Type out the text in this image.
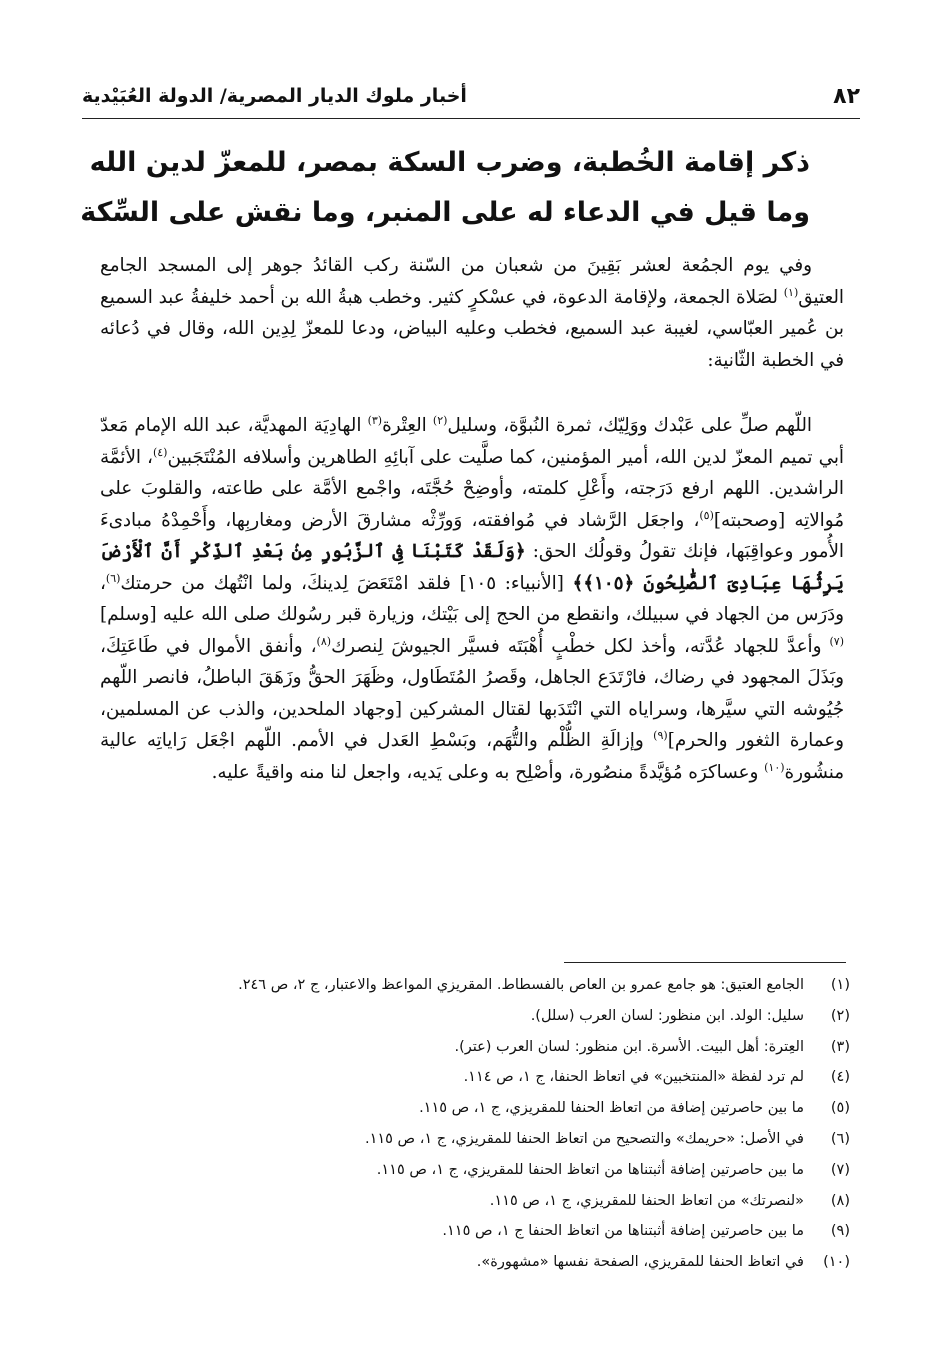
٨٢
أخبار ملوك الديار المصرية/ الدولة العُبَيْدية
ذكر إقامة الخُطبة، وضرب السكة بمصر، للمعزّ لدين الله
وما قيل في الدعاء له على المنبر، وما نقش على السِّكة

وفي يوم الجمُعة لعشر بَقِينَ من شعبان من السّنة ركب القائدُ جوهر إلى المسجد الجامع العتيق$^{(١)}$ لصَلاة الجمعة، ولإقامة الدعوة، في عسْكرٍ كثير. وخطب هبةُ الله بن أحمد خليفةُ عبد السميع بن عُمير العبّاسي، لغيبة عبد السميع، فخطب وعليه البياض، ودعا للمعزّ لِدِين الله، وقال في دُعائه في الخطبة الثّانية:

اللّهم صلِّ على عَبْدك ووَلِيّك، ثمرة النُبوَّة، وسليل$^{(٢)}$ العِتْرة$^{(٣)}$ الهادِيَة المهديَّة، عبد الله الإمام مَعدّ أبي تميم المعزّ لدين الله، أمير المؤمنين، كما صلَّيت على آبائِهِ الطاهرين وأسلافه المُنْتَجَبين$^{(٤)}$، الأئمَّة الراشدين. اللهم ارفع دَرَجته، وأَعْلِ كلمته، وأوضِحْ حُجَّتَه، واجْمع الأمَّة على طاعته، والقلوبَ على مُوالاتِه [وصحبته]$^{(٥)}$، واجعَل الرَّشاد في مُوافقته، وَورِّثْه مشارقَ الأرض ومغاربِها، وأَحْمِدْهُ مبادىءَ الأُمور وعواقِبَها، فإنك تقولُ وقولُك الحق: ﴿وَلَقَدْ كَتَبْنَا فِى ٱلزَّبُورِ مِنۢ بَعْدِ ٱلذِّكْرِ أَنَّ ٱلْأَرْضَ يَرِثُهَا عِبَادِىَ ٱلصَّٰلِحُونَ ﴿١٠٥﴾﴾ [الأنبياء: ١٠٥] فلقد امْتَعَضَ لِدينكَ، ولما انْتُهك من حرمتك$^{(٦)}$، ودَرَس من الجهاد في سبيلك، وانقطع من الحج إلى بَيْتك، وزيارة قبر رسُولك صلى الله عليه [وسلم]$^{(٧)}$ وأعدَّ للجهاد عُدَّته، وأخذ لكل خطْبٍ أُهْبَتَه فسيَّر الجيوشَ لِنصرك$^{(٨)}$، وأنفق الأموال في طَاعَتِكَ، وبَذَلَ المجهود في رضاك، فارْتَدَع الجاهل، وقَصرُ المُتَطَاول، وظَهَرَ الحقُّ وزَهَقَ الباطلُ، فانصر اللّهم جُيُوشه التي سيَّرها، وسراياه التي انْتَدَبها لقتال المشركين [وجهاد الملحدين، والذب عن المسلمين، وعمارة الثغور والحرم]$^{(٩)}$ وإزالَةِ الظُّلْم والتُّهَم، وبَسْطِ العَدل في الأمم. اللّهم اجْعَل رَاياتِه عالية منشُورة$^{(١٠)}$ وعساكرَه مُؤيَّدةً منصُورة، وأصْلِح به وعلى يَديه، واجعل لنا منه واقيةً عليه.

(١)
الجامع العتيق: هو جامع عمرو بن العاص بالفسطاط. المقريزي المواعظ والاعتبار، ج ٢، ص ٢٤٦.
(٢)
سليل: الولد. ابن منظور: لسان العرب (سلل).
(٣)
العِترة: أهل البيت. الأسرة. ابن منظور: لسان العرب (عتر).
(٤)
لم ترد لفظة «المنتخبين» في اتعاظ الحنفا، ج ١، ص ١١٤.
(٥)
ما بين حاصرتين إضافة من اتعاظ الحنفا للمقريزي، ج ١، ص ١١٥.
(٦)
في الأصل: «حريمك» والتصحيح من اتعاظ الحنفا للمقريزي، ج ١، ص ١١٥.
(٧)
ما بين حاصرتين إضافة أثبتناها من اتعاظ الحنفا للمقريزي، ج ١، ص ١١٥.
(٨)
«لنصرتك» من اتعاظ الحنفا للمقريزي، ج ١، ص ١١٥.
(٩)
ما بين حاصرتين إضافة أثبتناها من اتعاظ الحنفا ج ١، ص ١١٥.
(١٠)
في اتعاظ الحنفا للمقريزي، الصفحة نفسها «مشهورة».
